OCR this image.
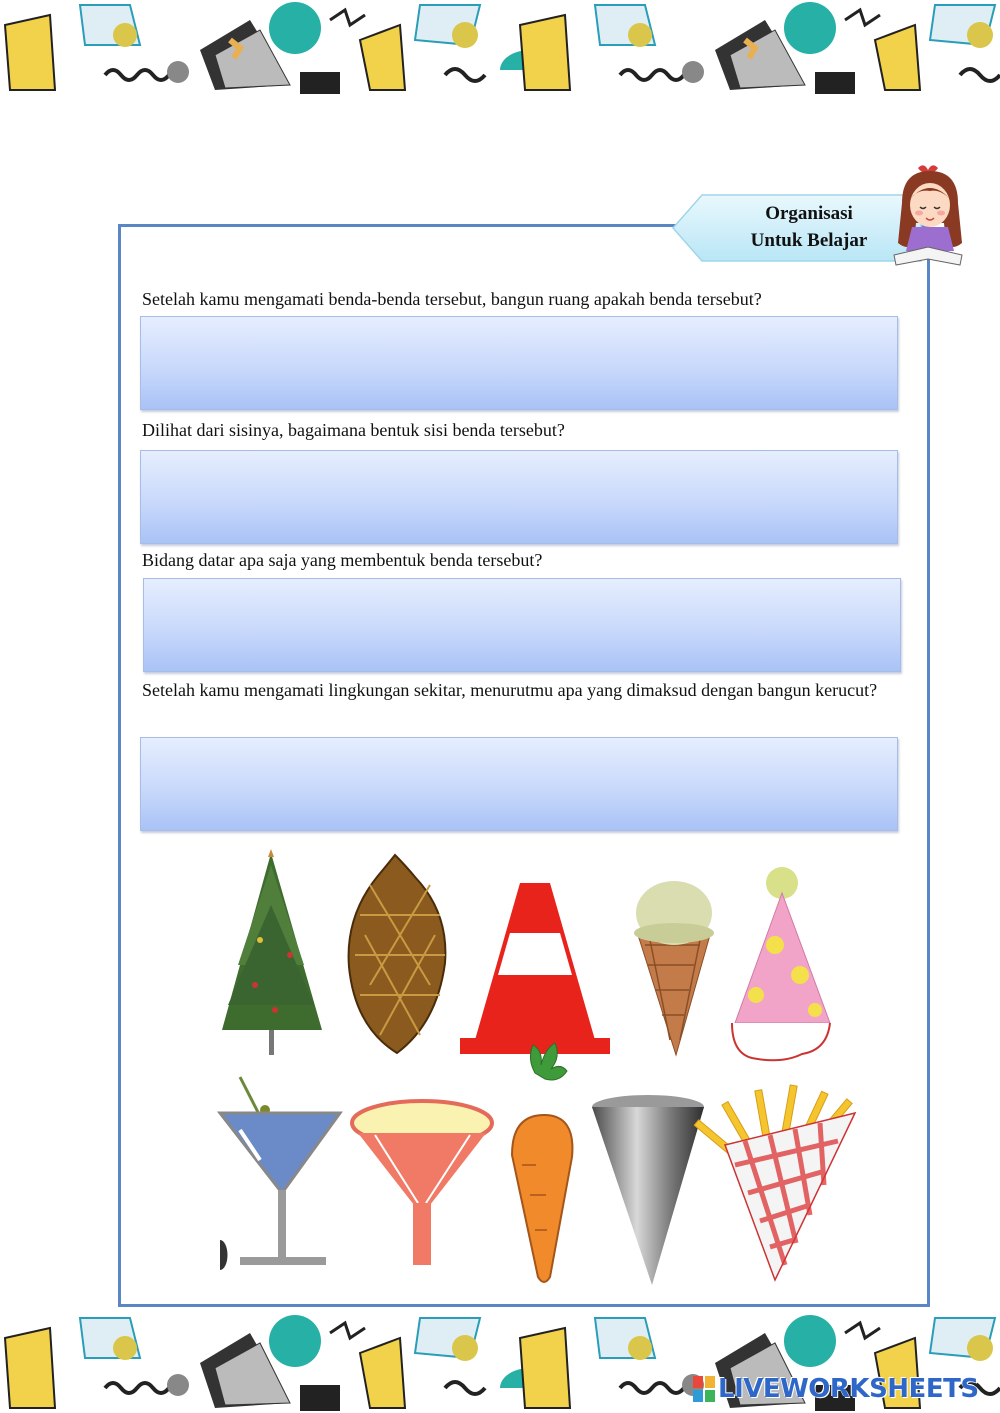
Organisasi
Untuk Belajar
Setelah kamu mengamati benda-benda tersebut, bangun ruang apakah benda tersebut?
Dilihat dari sisinya, bagaimana bentuk sisi benda tersebut?
Bidang datar apa saja yang membentuk benda tersebut?
Setelah kamu mengamati lingkungan sekitar, menurutmu apa yang dimaksud dengan bangun kerucut?
LIVEWORKSHEETS
